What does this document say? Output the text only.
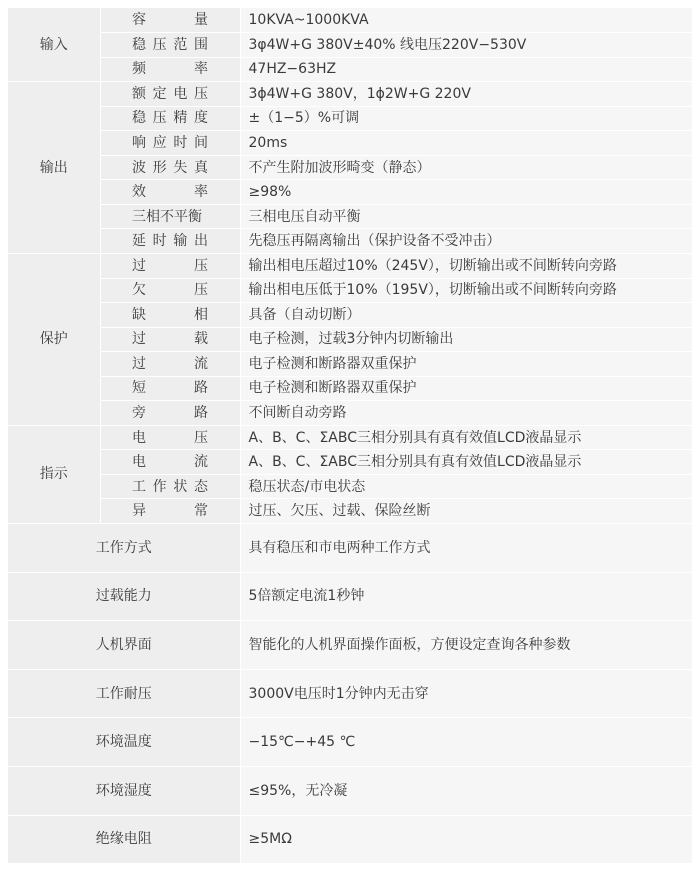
输入	容量	10KVA~1000KVA
	稳压范围	3φ4W+G 380V±40% 线电压220V−530V
	频率	47HZ−63HZ
输出	额定电压	3ϕ4W+G 380V，1ϕ2W+G 220V
	稳压精度	±（1−5）%可调
	响应时间	20ms
	波形失真	不产生附加波形畸变（静态）
	效率	≥98%
	三相不平衡	三相电压自动平衡
	延时输出	先稳压再隔离输出（保护设备不受冲击）
保护	过压	输出相电压超过10%（245V），切断输出或不间断转向旁路
	欠压	输出相电压低于10%（195V），切断输出或不间断转向旁路
	缺相	具备（自动切断）
	过载	电子检测，过载3分钟内切断输出
	过流	电子检测和断路器双重保护
	短路	电子检测和断路器双重保护
	旁路	不间断自动旁路
指示	电压	A、B、C、ΣABC三相分别具有真有效值LCD液晶显示
	电流	A、B、C、ΣABC三相分别具有真有效值LCD液晶显示
	工作状态	稳压状态/市电状态
	异常	过压、欠压、过载、保险丝断
工作方式		具有稳压和市电两种工作方式
过载能力		5倍额定电流1秒钟
人机界面		智能化的人机界面操作面板，方便设定查询各种参数
工作耐压		3000V电压时1分钟内无击穿
环境温度		−15℃−+45 ℃
环境湿度		≤95%，无冷凝
绝缘电阻		≥5MΩ
